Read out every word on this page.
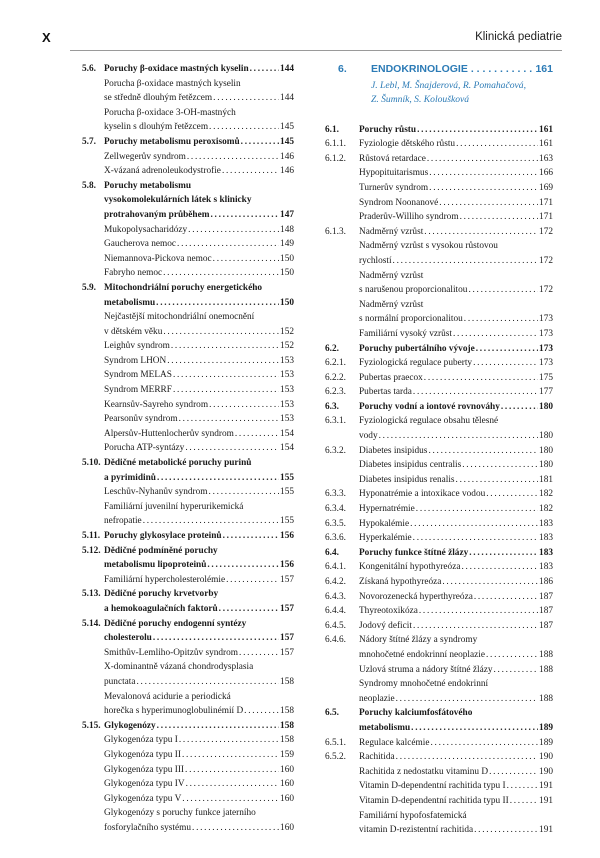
X	Klinická pediatrie
5.6. Poruchy β-oxidace mastných kyselin . . .	144
Porucha β-oxidace mastných kyselin
se středně dlouhým řetězcem . . .	144
Porucha β-oxidace 3-OH-mastných
kyselin s dlouhým řetězcem . . .	145
5.7. Poruchy metabolismu peroxisomů . . .	145
Zellwegerův syndrom . . .	146
X-vázaná adrenoleukodystrofie . . .	146
5.8. Poruchy metabolismu
vysokomolekulárních látek s klinicky
protrahovaným průběhem . . .	147
Mukopolysacharidózy . . .	148
Gaucherova nemoc . . .	149
Niemannova-Pickova nemoc . . .	150
Fabryho nemoc . . .	150
5.9. Mitochondriální poruchy energetického
metabolismu . . .	150
Nejčastější mitochondriální onemocnění
v dětském věku . . .	152
Leighův syndrom . . .	152
Syndrom LHON . . .	153
Syndrom MELAS . . .	153
Syndrom MERRF . . .	153
Kearnsův-Sayreho syndrom . . .	153
Pearsonův syndrom . . .	153
Alpersův-Huttenlocherův syndrom . . .	154
Porucha ATP-syntázy . . .	154
5.10. Dědičné metabolické poruchy purinů
a pyrimidinů . . .	155
Leschův-Nyhanův syndrom . . .	155
Familiární juvenilní hyperurikemická
nefropatie . . .	155
5.11. Poruchy glykosylace proteinů . . .	156
5.12. Dědičné podmíněné poruchy
metabolismu lipoproteinů . . .	156
Familiární hypercholesterolémie . . .	157
5.13. Dědičné poruchy krvetvorby
a hemokoagulačních faktorů . . .	157
5.14. Dědičné poruchy endogenní syntézy
cholesterolu . . .	157
Smithův-Lemliho-Opitzův syndrom . . .	157
X-dominantně vázaná chondrodysplasia
punctata . . .	158
Mevalonová acidurie a periodická
horečka s hyperimunoglobulinémií D . . .	158
5.15. Glykogenózy . . .	158
Glykogenóza typu I . . .	158
Glykogenóza typu II . . .	159
Glykogenóza typu III . . .	160
Glykogenóza typu IV . . .	160
Glykogenóza typu V . . .	160
Glykogenózy s poruchy funkce jaterního
fosforylačního systému . . .	160
6.	ENDOKRINOLOGIE . . .	161
J. Lebl, M. Šnajderová, R. Pomahačová,
Z. Šumník, S. Koloušková
6.1. Poruchy růstu . . .	161
6.1.1. Fyziologie dětského růstu . . .	161
6.1.2. Růstová retardace . . .	163
Hypopituitarismus . . .	166
Turnerův syndrom . . .	169
Syndrom Noonanové . . .	171
Praderův-Williho syndrom . . .	171
6.1.3. Nadměrný vzrůst . . .	172
Nadměrný vzrůst s vysokou růstovou
rychlostí . . .	172
Nadměrný vzrůst
s narušenou proporcionalitou . . .	172
Nadměrný vzrůst
s normální proporcionalitou . . .	173
Familiární vysoký vzrůst . . .	173
6.2. Poruchy pubertálního vývoje . . .	173
6.2.1. Fyziologická regulace puberty . . .	173
6.2.2. Pubertas praecox . . .	175
6.2.3. Pubertas tarda . . .	177
6.3. Poruchy vodní a iontové rovnováhy . . .	180
6.3.1. Fyziologická regulace obsahu tělesné
vody . . .	180
6.3.2. Diabetes insipidus . . .	180
Diabetes insipidus centralis . . .	180
Diabetes insipidus renalis . . .	181
6.3.3. Hyponatrémie a intoxikace vodou . . .	182
6.3.4. Hypernatrémie . . .	182
6.3.5. Hypokalémie . . .	183
6.3.6. Hyperkalémie . . .	183
6.4. Poruchy funkce štítné žlázy . . .	183
6.4.1. Kongenitální hypothyreóza . . .	183
6.4.2. Získaná hypothyreóza . . .	186
6.4.3. Novorozenecká hyperthyreóza . . .	187
6.4.4. Thyreotoxikóza . . .	187
6.4.5. Jodový deficit . . .	187
6.4.6. Nádory štítné žlázy a syndromy
mnohočetné endokrinní neoplazie . . .	188
Uzlová struma a nádory štítné žlázy . . .	188
Syndromy mnohočetné endokrinní
neoplazie . . .	188
6.5. Poruchy kalciumfosfátového
metabolismu . . .	189
6.5.1. Regulace kalcémie . . .	189
6.5.2. Rachitida . . .	190
Rachitida z nedostatku vitaminu D . . .	190
Vitamin D-dependentní rachitida typu I . . .	191
Vitamin D-dependentní rachitida typu II . . .	191
Familiární hypofosfatemická
vitamin D-rezistentní rachitida . . .	191
